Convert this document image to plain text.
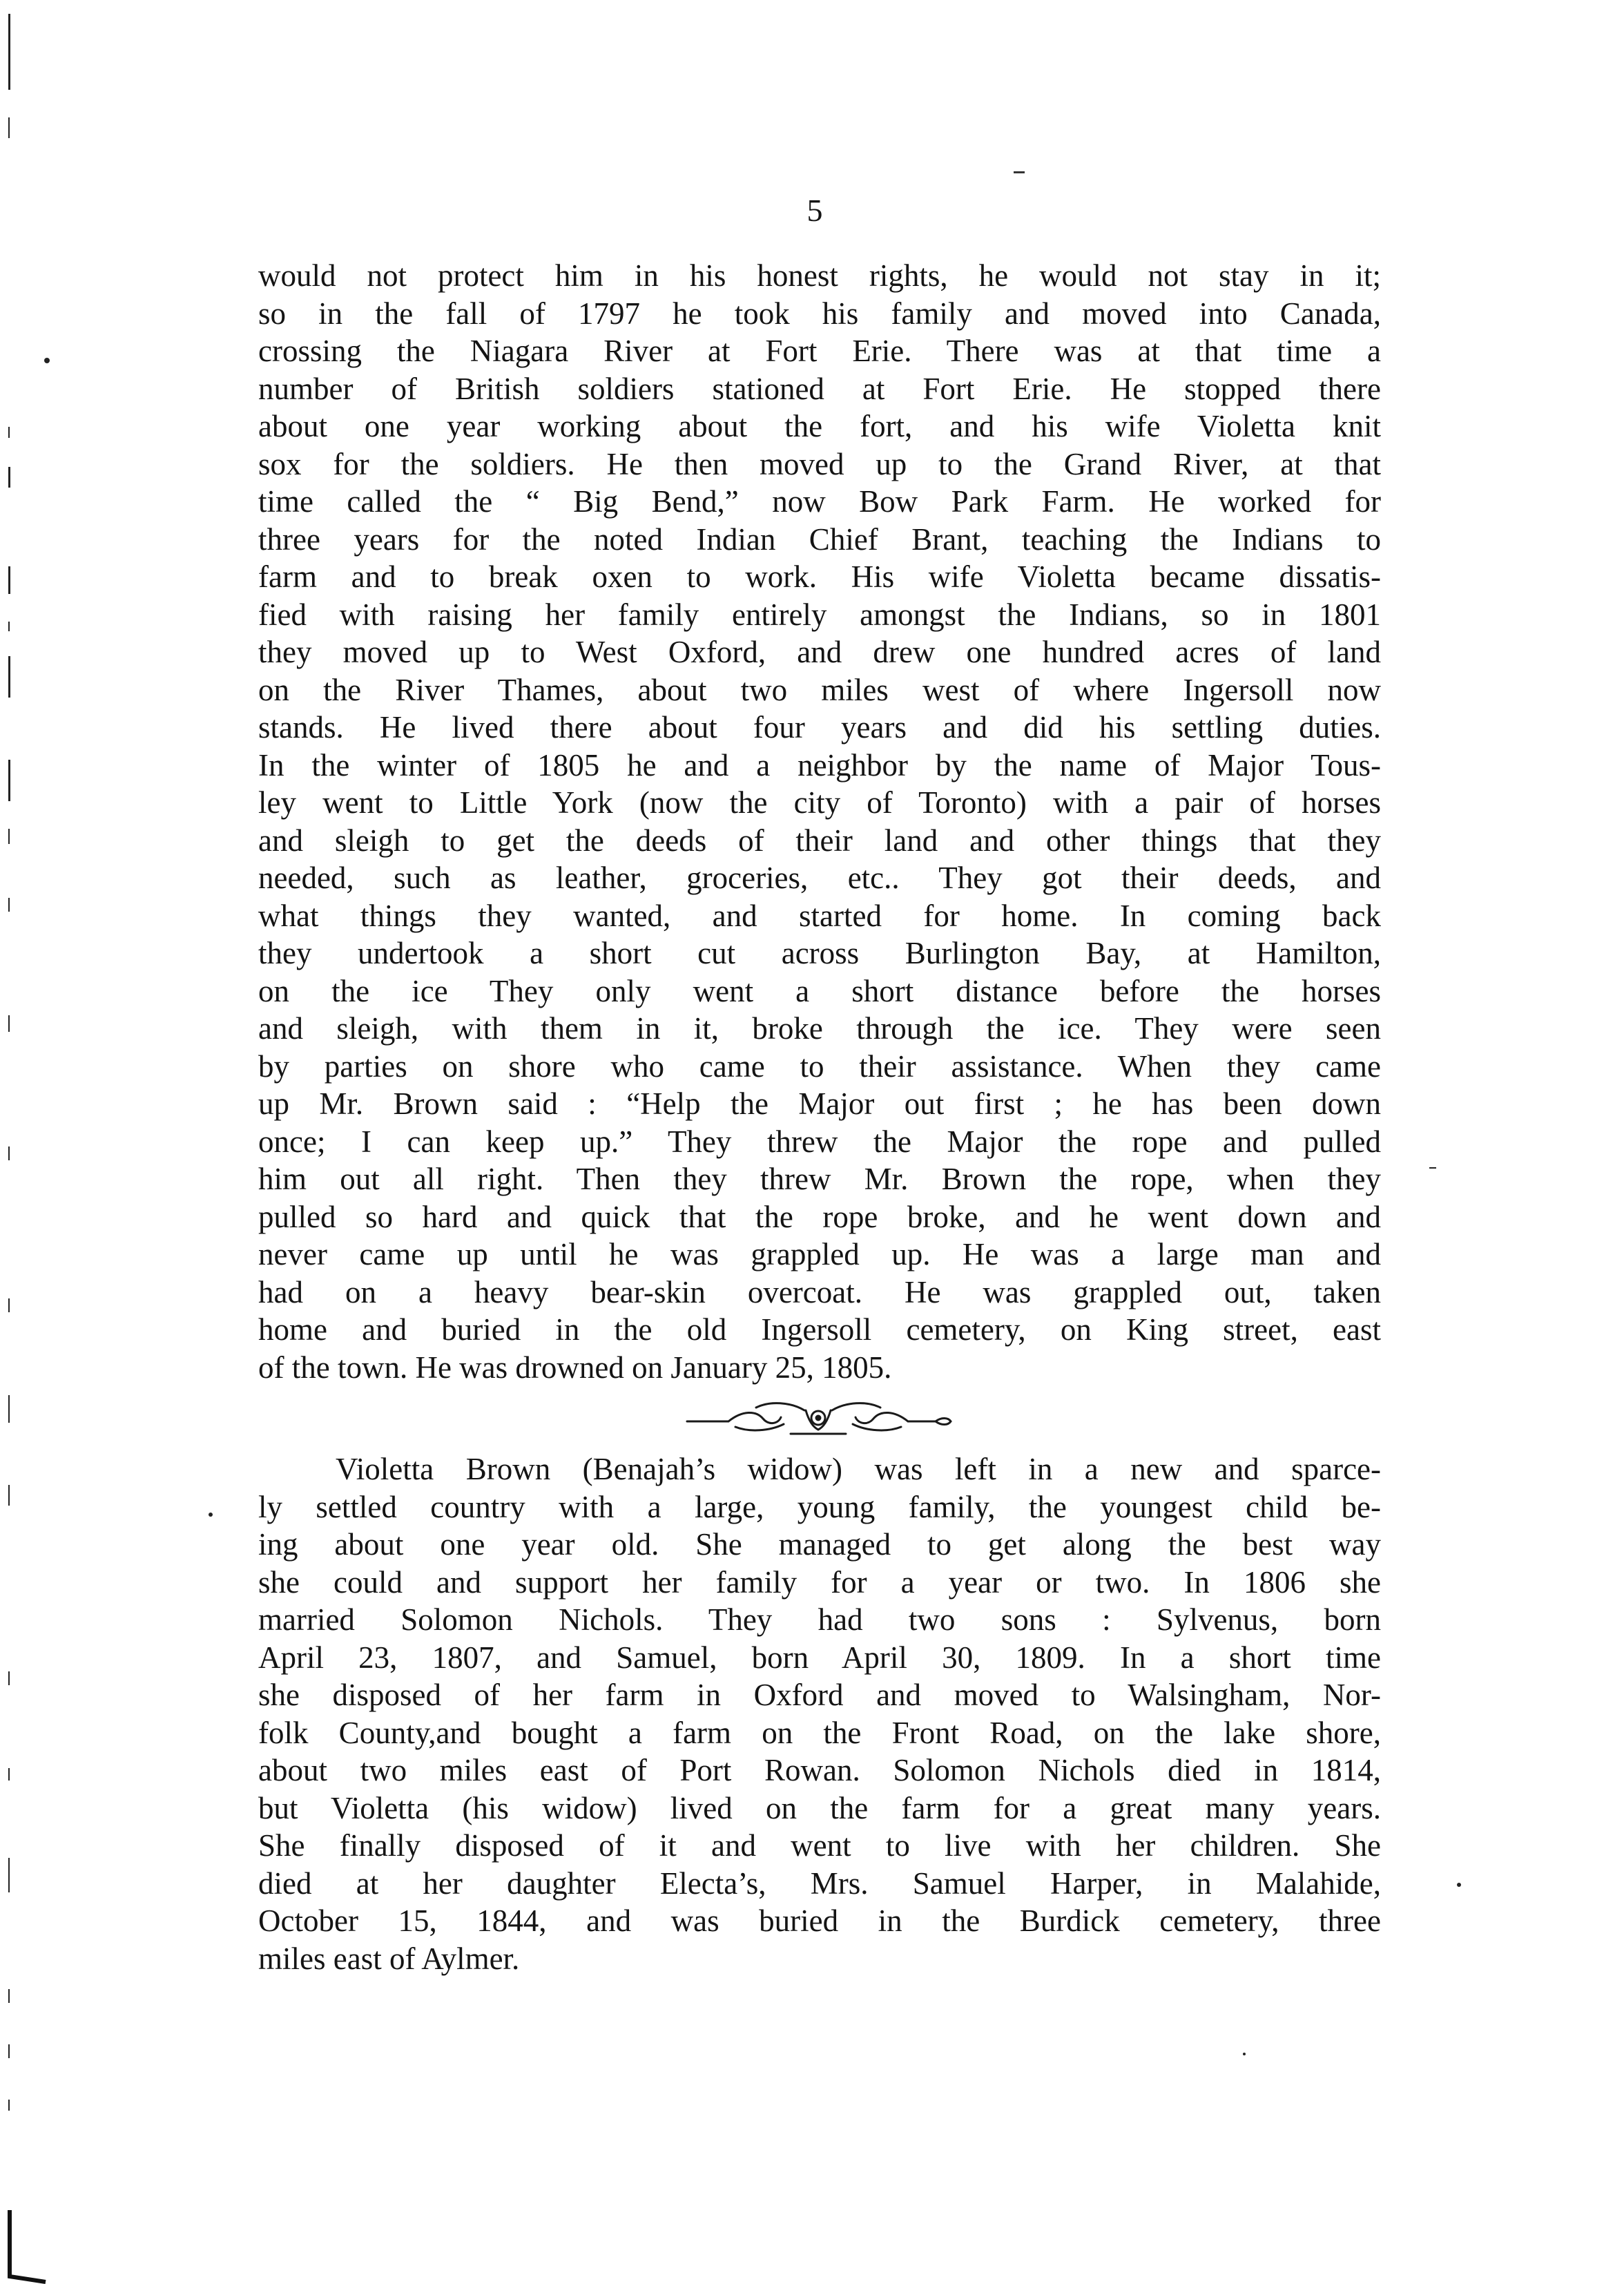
5
would not protect him in his honest rights, he would not stay in it;
so in the fall of 1797 he took his family and moved into Canada,
crossing the Niagara River at Fort Erie. There was at that time a
number of British soldiers stationed at Fort Erie. He stopped there
about one year working about the fort, and his wife Violetta knit
sox for the soldiers. He then moved up to the Grand River, at that
time called the “ Big Bend,” now Bow Park Farm. He worked for
three years for the noted Indian Chief Brant, teaching the Indians to
farm and to break oxen to work. His wife Violetta became dissatis-
fied with raising her family entirely amongst the Indians, so in 1801
they moved up to West Oxford, and drew one hundred acres of land
on the River Thames, about two miles west of where Ingersoll now
stands. He lived there about four years and did his settling duties.
In the winter of 1805 he and a neighbor by the name of Major Tous-
ley went to Little York (now the city of Toronto) with a pair of horses
and sleigh to get the deeds of their land and other things that they
needed, such as leather, groceries, etc.. They got their deeds, and
what things they wanted, and started for home. In coming back
they undertook a short cut across Burlington Bay, at Hamilton,
on the ice They only went a short distance before the horses
and sleigh, with them in it, broke through the ice. They were seen
by parties on shore who came to their assistance. When they came
up Mr. Brown said : “Help the Major out first ; he has been down
once; I can keep up.” They threw the Major the rope and pulled
him out all right. Then they threw Mr. Brown the rope, when they
pulled so hard and quick that the rope broke, and he went down and
never came up until he was grappled up. He was a large man and
had on a heavy bear-skin overcoat. He was grappled out, taken
home and buried in the old Ingersoll cemetery, on King street, east
of the town. He was drowned on January 25, 1805.
Violetta Brown (Benajah’s widow) was left in a new and sparce-
ly settled country with a large, young family, the youngest child be-
ing about one year old. She managed to get along the best way
she could and support her family for a year or two. In 1806 she
married Solomon Nichols. They had two sons : Sylvenus, born
April 23, 1807, and Samuel, born April 30, 1809. In a short time
she disposed of her farm in Oxford and moved to Walsingham, Nor-
folk County,and bought a farm on the Front Road, on the lake shore,
about two miles east of Port Rowan. Solomon Nichols died in 1814,
but Violetta (his widow) lived on the farm for a great many years.
She finally disposed of it and went to live with her children. She
died at her daughter Electa’s, Mrs. Samuel Harper, in Malahide,
October 15, 1844, and was buried in the Burdick cemetery, three
miles east of Aylmer.
